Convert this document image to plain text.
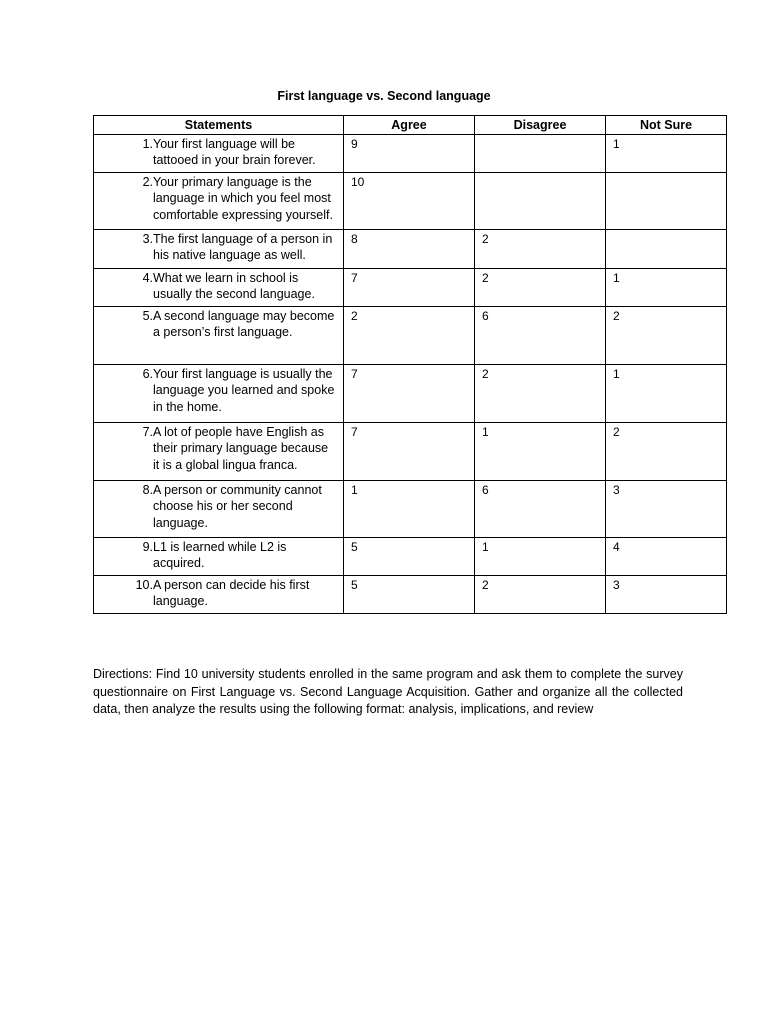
First language vs. Second language
Statements	Agree	Disagree	Not Sure

1. Your first language will be tattooed in your brain forever.	9		1

2. Your primary language is the language in which you feel most comfortable expressing yourself.	10		

3. The first language of a person in his native language as well.	8	2	

4. What we learn in school is usually the second language.	7	2	1

5. A second language may become a person’s first language.	2	6	2

6. Your first language is usually the language you learned and spoke in the home.	7	2	1

7. A lot of people have English as their primary language because it is a global lingua franca.	7	1	2

8. A person or community cannot choose his or her second language.	1	6	3

9. L1 is learned while L2 is acquired.	5	1	4

10. A person can decide his first language.	5	2	3
Directions: Find 10 university students enrolled in the same program and ask them to complete the survey questionnaire on First Language vs. Second Language Acquisition. Gather and organize all the collected data, then analyze the results using the following format: analysis, implications, and review
